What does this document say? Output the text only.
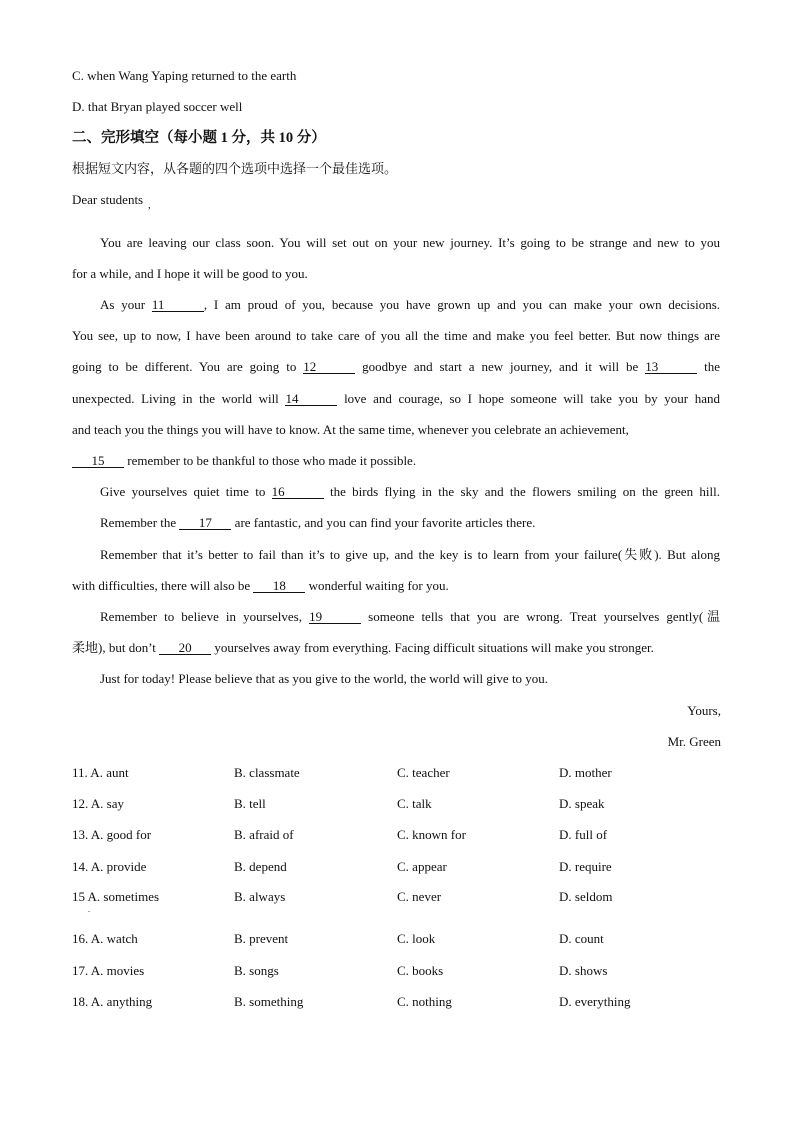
C. when Wang Yaping returned to the earth
D. that Bryan played soccer well
二、完形填空（每小题 1 分，共 10 分）
根据短文内容，从各题的四个选项中选择一个最佳选项。
Dear students ,
You are leaving our class soon. You will set out on your new journey. It’s going to be strange and new to you
for a while, and I hope it will be good to you.
As your 11	, I am proud of you, because you have grown up and you can make your own decisions.
You see, up to now, I have been around to take care of you all the time and make you feel better. But now things are
going to be different. You are going to 12	goodbye and start a new journey, and it will be 13	the
unexpected. Living in the world will 14	love and courage, so I hope someone will take you by your hand
and teach you the things you will have to know. At the same time, whenever you celebrate an achievement,
15 remember to be thankful to those who made it possible.
Give yourselves quiet time to 16	the birds flying in the sky and the flowers smiling on the green hill.
Remember the 17 are fantastic, and you can find your favorite articles there.
Remember that it’s better to fail than it’s to give up, and the key is to learn from your failure(失败). But along
with difficulties, there will also be 18 wonderful waiting for you.
Remember to believe in yourselves, 19	someone tells that you are wrong. Treat yourselves gently(温
柔地), but don’t 20 yourselves away from everything. Facing difficult situations will make you stronger.
Just for today! Please believe that as you give to the world, the world will give to you.
Yours,
Mr. Green
11. A. aunt	B. classmate	C. teacher	D. mother
12. A. say	B. tell	C. talk	D. speak
13. A. good for	B. afraid of	C. known for	D. full of
14. A. provide	B. depend	C. appear	D. require
15 A. sometimes	B. always	C. never	D. seldom
16. A. watch	B. prevent	C. look	D. count
17. A. movies	B. songs	C. books	D. shows
18. A. anything	B. something	C. nothing	D. everything
.
